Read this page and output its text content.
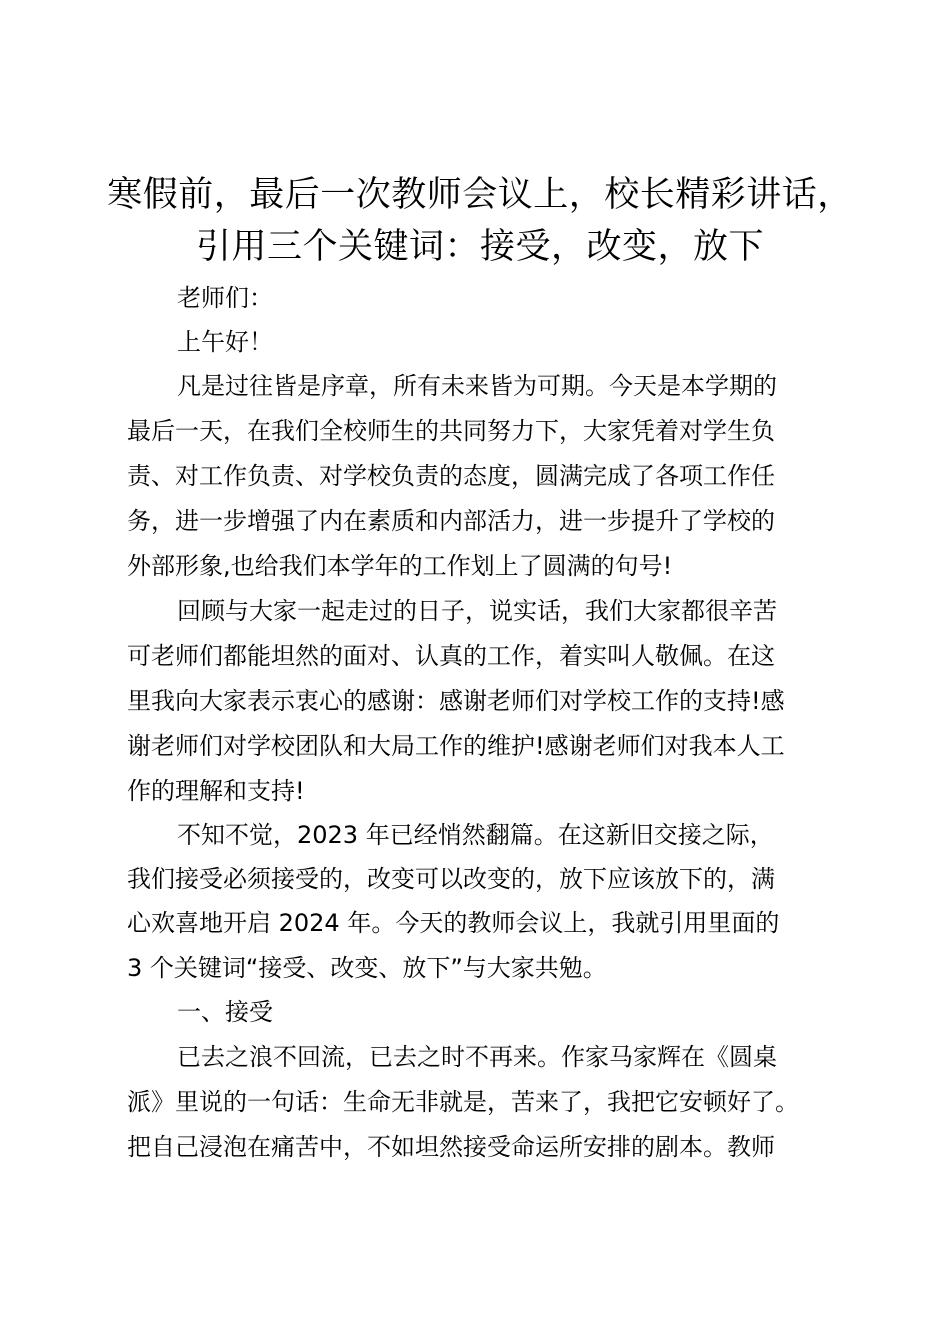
寒假前，最后一次教师会议上，校长精彩讲话，
引用三个关键词：接受，改变，放下
老师们：
上午好！
凡是过往皆是序章，所有未来皆为可期。今天是本学期的
最后一天，在我们全校师生的共同努力下，大家凭着对学生负
责、对工作负责、对学校负责的态度，圆满完成了各项工作任
务，进一步增强了内在素质和内部活力，进一步提升了学校的
外部形象,也给我们本学年的工作划上了圆满的句号!
回顾与大家一起走过的日子，说实话，我们大家都很辛苦
可老师们都能坦然的面对、认真的工作，着实叫人敬佩。在这
里我向大家表示衷心的感谢：感谢老师们对学校工作的支持!感
谢老师们对学校团队和大局工作的维护!感谢老师们对我本人工
作的理解和支持!
不知不觉，2023 年已经悄然翻篇。在这新旧交接之际，
我们接受必须接受的，改变可以改变的，放下应该放下的，满
心欢喜地开启 2024 年。今天的教师会议上，我就引用里面的
3 个关键词“接受、改变、放下”与大家共勉。
一、接受
已去之浪不回流，已去之时不再来。作家马家辉在《圆桌
派》里说的一句话：生命无非就是，苦来了，我把它安顿好了。
把自己浸泡在痛苦中，不如坦然接受命运所安排的剧本。教师
